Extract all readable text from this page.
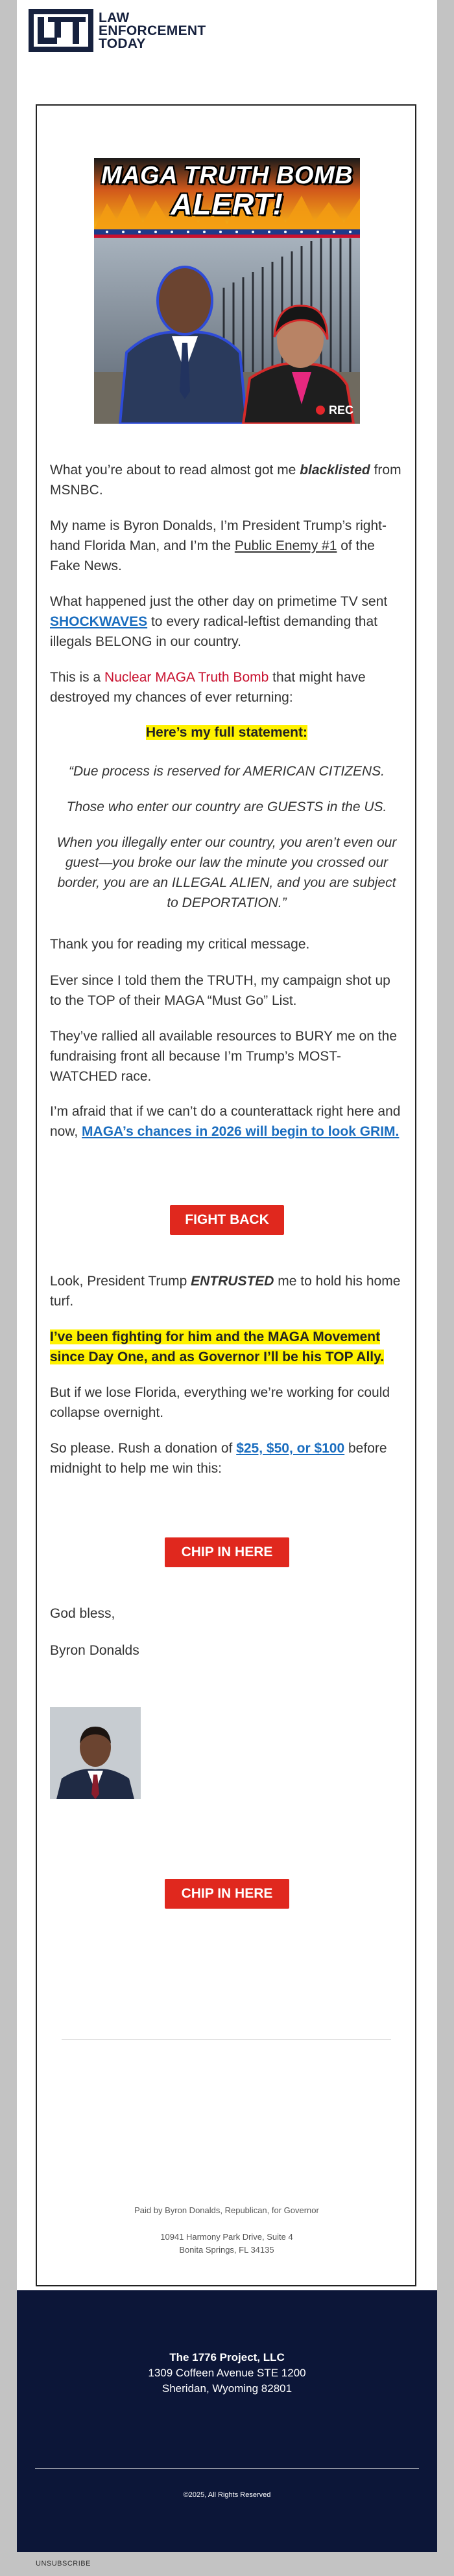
LAW
ENFORCEMENT
TODAY
MAGA TRUTH BOMB
ALERT!
REC

What you’re about to read almost got me blacklisted from MSNBC.

My name is Byron Donalds, I’m President Trump’s right-hand Florida Man, and I’m the Public Enemy #1 of the Fake News.

What happened just the other day on primetime TV sent SHOCKWAVES to every radical-leftist demanding that illegals BELONG in our country.

This is a Nuclear MAGA Truth Bomb that might have destroyed my chances of ever returning:

Here’s my full statement:

“Due process is reserved for AMERICAN CITIZENS.

Those who enter our country are GUESTS in the US.

When you illegally enter our country, you aren’t even our guest—you broke our law the minute you crossed our border, you are an ILLEGAL ALIEN, and you are subject to DEPORTATION.”

Thank you for reading my critical message.

Ever since I told them the TRUTH, my campaign shot up to the TOP of their MAGA “Must Go” List.

They’ve rallied all available resources to BURY me on the fundraising front all because I’m Trump’s MOST-WATCHED race.

I’m afraid that if we can’t do a counterattack right here and now, MAGA’s chances in 2026 will begin to look GRIM.

FIGHT BACK

Look, President Trump ENTRUSTED me to hold his home turf.

I’ve been fighting for him and the MAGA Movement since Day One, and as Governor I’ll be his TOP Ally.

But if we lose Florida, everything we’re working for could collapse overnight.

So please. Rush a donation of $25, $50, or $100 before midnight to help me win this:

CHIP IN HERE

God bless,

Byron Donalds

CHIP IN HERE
Paid by Byron Donalds, Republican, for Governor
10941 Harmony Park Drive, Suite 4
Bonita Springs, FL 34135
The 1776 Project, LLC
1309 Coffeen Avenue STE 1200
Sheridan, Wyoming 82801
©2025, All Rights Reserved
UNSUBSCRIBE
